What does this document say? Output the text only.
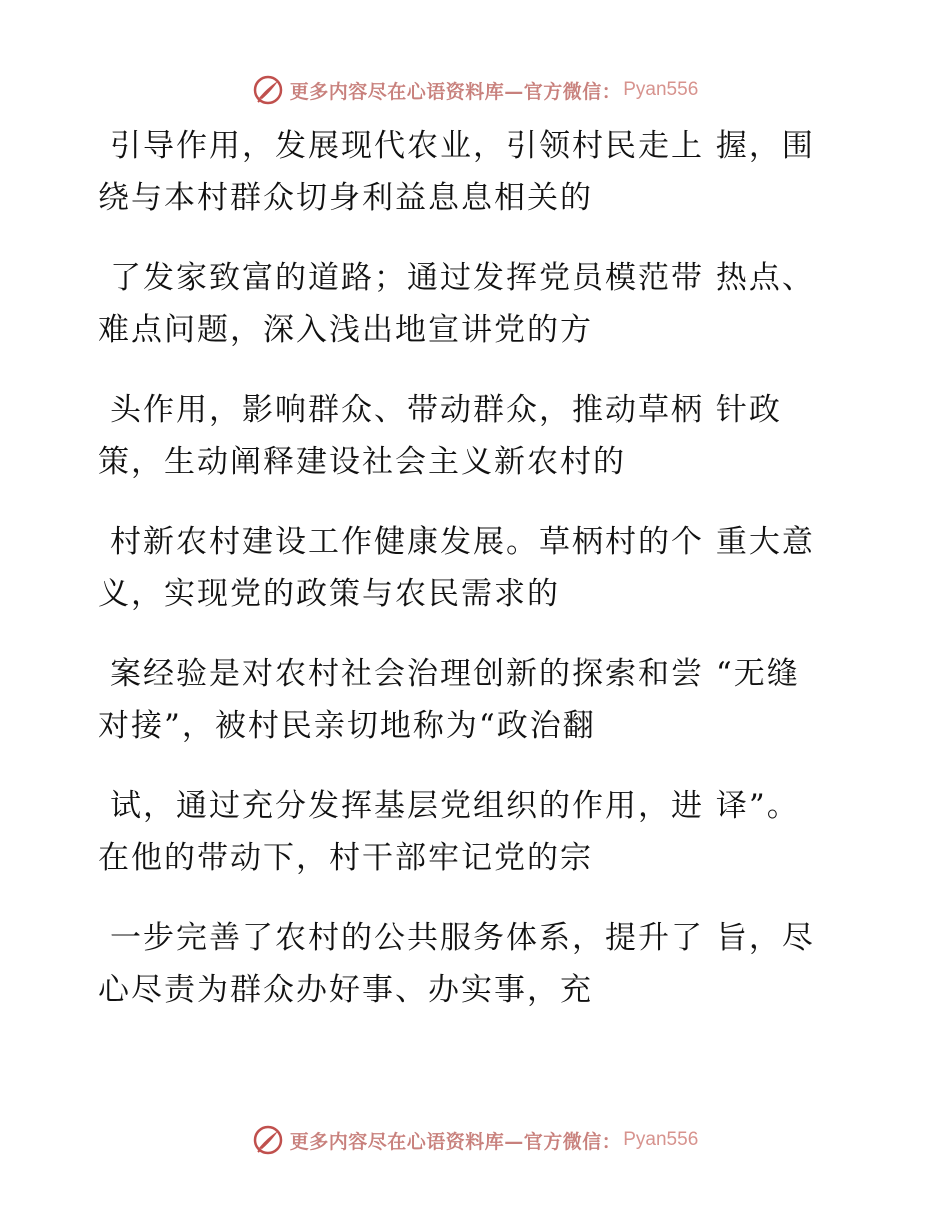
更多内容尽在心语资料库—官方微信： Pyan556

引导作用，发展现代农业，引领村民走上 握，围
绕与本村群众切身利益息息相关的

了发家致富的道路；通过发挥党员模范带 热点、
难点问题，深入浅出地宣讲党的方

头作用，影响群众、带动群众，推动草柄 针政
策，生动阐释建设社会主义新农村的

村新农村建设工作健康发展。草柄村的个 重大意
义，实现党的政策与农民需求的

案经验是对农村社会治理创新的探索和尝 “无缝
对接”，被村民亲切地称为“政治翻

试，通过充分发挥基层党组织的作用，进 译”。
在他的带动下，村干部牢记党的宗

一步完善了农村的公共服务体系，提升了 旨，尽
心尽责为群众办好事、办实事，充

更多内容尽在心语资料库—官方微信： Pyan556
